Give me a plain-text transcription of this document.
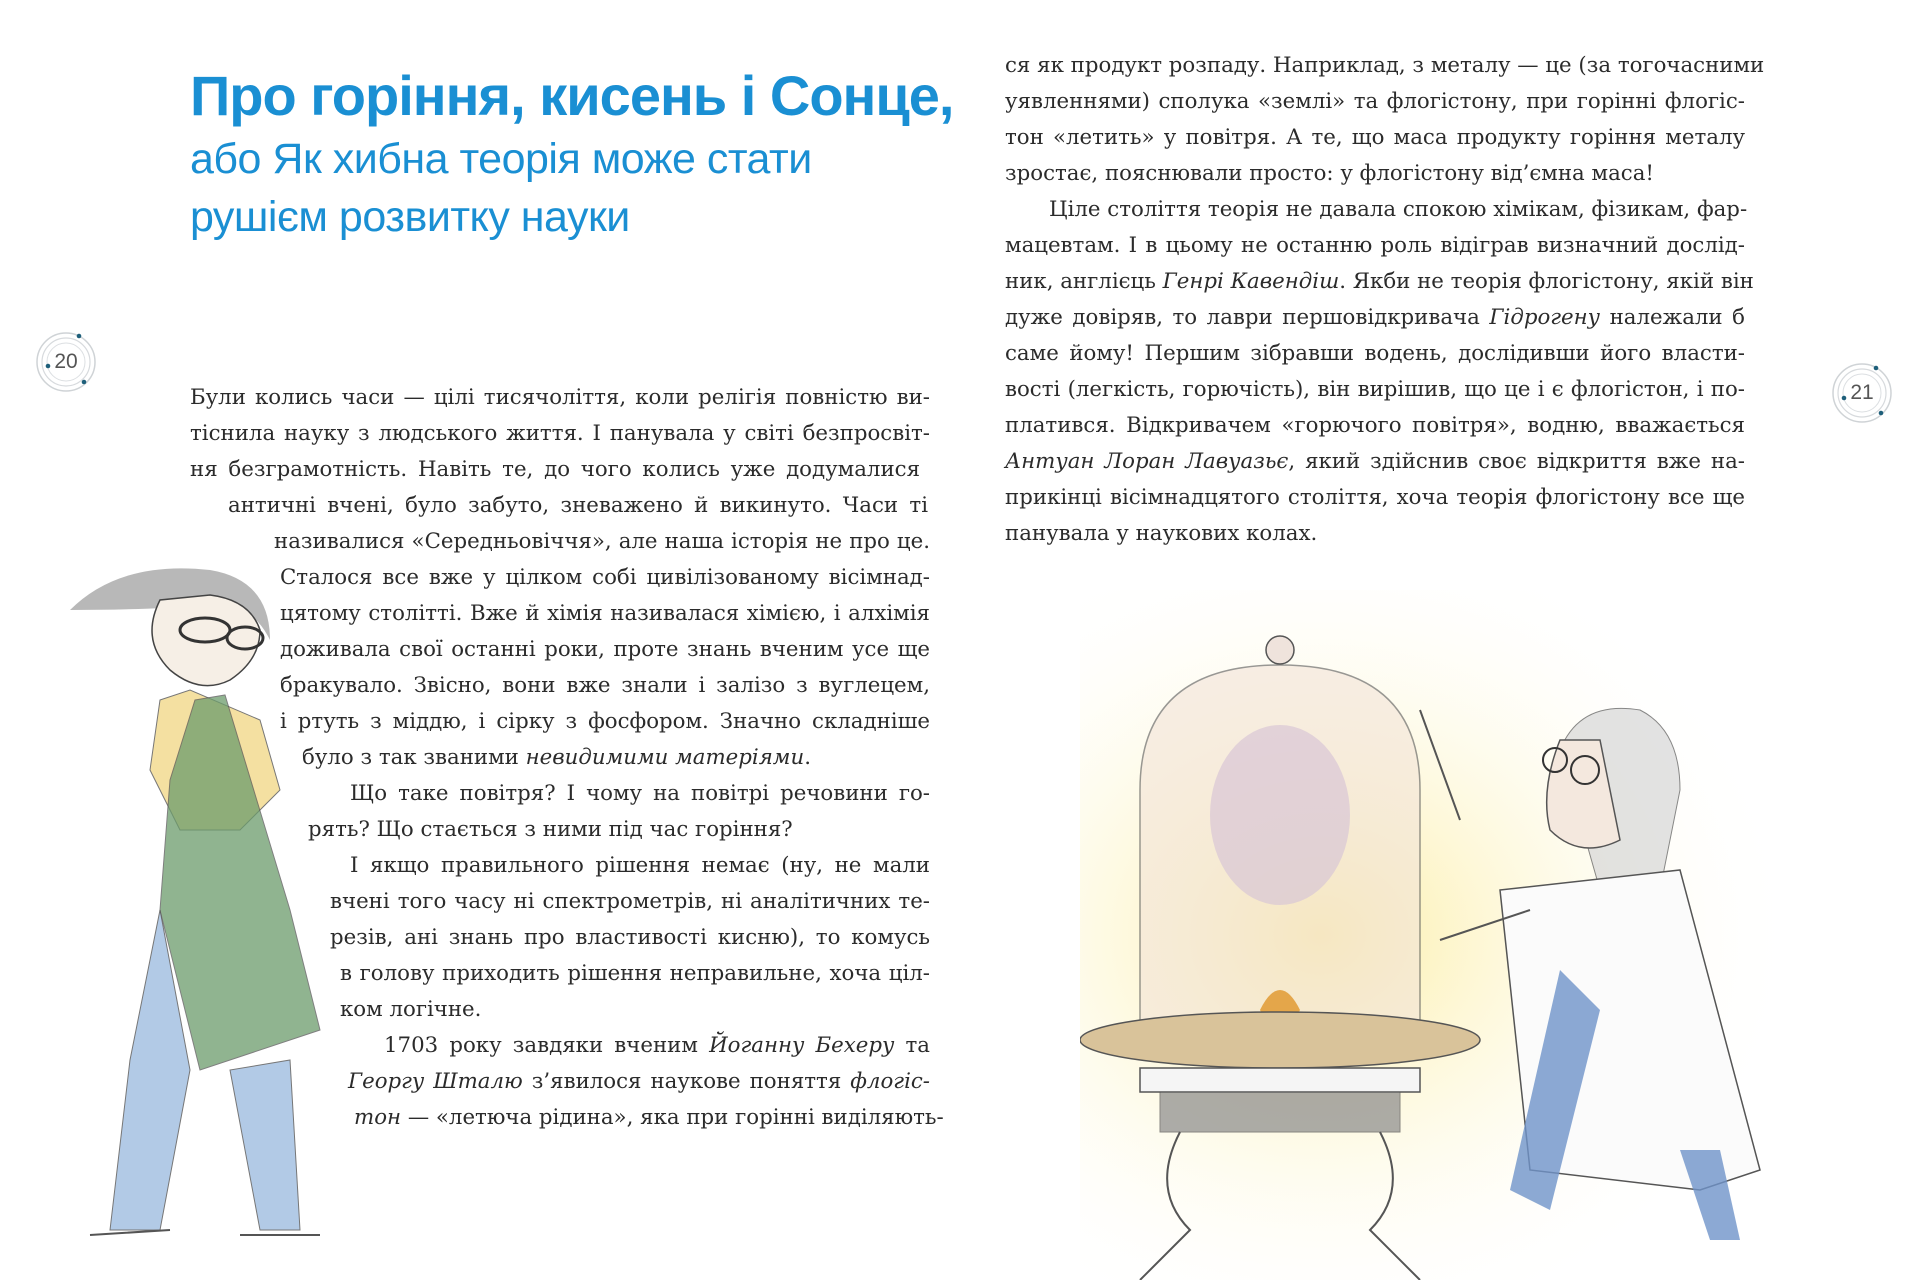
Про горіння, кисень і Сонце,
або Як хибна теорія може стати
рушієм розвитку науки
20
Були колись часи — цілі тисячоліття, коли релігія повністю ви-
тіснила науку з людського життя. І панувала у світі безпросвіт-
ня безграмотність. Навіть те, до чого колись уже додумалися
античні вчені, було забуто, зневажено й викинуто. Часи ті
називалися «Середньовіччя», але наша історія не про це.
Сталося все вже у цілком собі цивілізованому вісімнад-
цятому столітті. Вже й хімія називалася хімією, і алхімія
доживала свої останні роки, проте знань вченим усе ще
бракувало. Звісно, вони вже знали і залізо з вуглецем,
і ртуть з міддю, і сірку з фосфором. Значно складніше
було з так званими невидимими матеріями.
Що таке повітря? І чому на повітрі речовини го-
рять? Що стається з ними під час горіння?
І якщо правильного рішення немає (ну, не мали
вчені того часу ні спектрометрів, ні аналітичних те-
резів, ані знань про властивості кисню), то комусь
в голову приходить рішення неправильне, хоча ціл-
ком логічне.
1703 року завдяки вченим Йоганну Бехеру та
Георгу Шталю з’явилося наукове поняття флогіс-
тон — «летюча рідина», яка при горінні виділяють-
ся як продукт розпаду. Наприклад, з металу — це (за тогочасними
уявленнями) сполука «землі» та флогістону, при горінні флогіс-
тон «летить» у повітря. А те, що маса продукту горіння металу
зростає, пояснювали просто: у флогістону від’ємна маса!
Ціле століття теорія не давала спокою хімікам, фізикам, фар-
мацевтам. І в цьому не останню роль відіграв визначний дослід-
ник, англієць Генрі Кавендіш. Якби не теорія флогістону, якій він
дуже довіряв, то лаври першовідкривача Гідрогену належали б
саме йому! Першим зібравши водень, дослідивши його власти-
вості (легкість, горючість), він вирішив, що це і є флогістон, і по-
платився. Відкривачем «горючого повітря», водню, вважається
Антуан Лоран Лавуазьє, який здійснив своє відкриття вже на-
прикінці вісімнадцятого століття, хоча теорія флогістону все ще
панувала у наукових колах.
21
